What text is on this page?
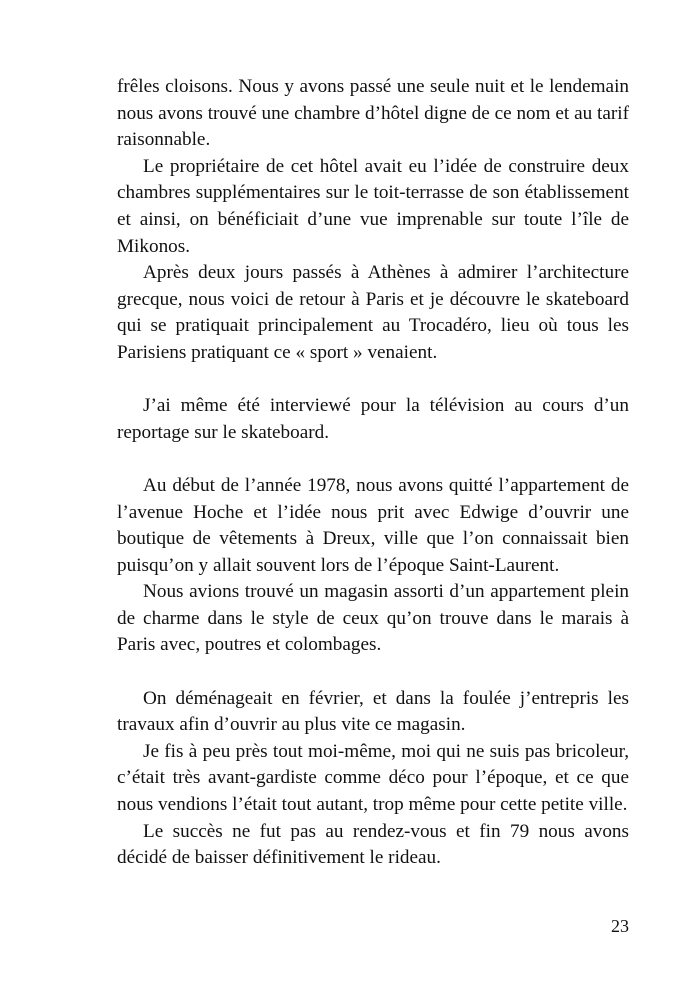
frêles cloisons. Nous y avons passé une seule nuit et le lendemain nous avons trouvé une chambre d’hôtel digne de ce nom et au tarif raisonnable.

Le propriétaire de cet hôtel avait eu l’idée de construire deux chambres supplémentaires sur le toit-terrasse de son établissement et ainsi, on bénéficiait d’une vue imprenable sur toute l’île de Mikonos.

Après deux jours passés à Athènes à admirer l’architecture grecque, nous voici de retour à Paris et je découvre le skateboard qui se pratiquait principalement au Trocadéro, lieu où tous les Parisiens pratiquant ce « sport » venaient.

J’ai même été interviewé pour la télévision au cours d’un reportage sur le skateboard.

Au début de l’année 1978, nous avons quitté l’appartement de l’avenue Hoche et l’idée nous prit avec Edwige d’ouvrir une boutique de vêtements à Dreux, ville que l’on connaissait bien puisqu’on y allait souvent lors de l’époque Saint-Laurent.

Nous avions trouvé un magasin assorti d’un appartement plein de charme dans le style de ceux qu’on trouve dans le marais à Paris avec, poutres et colombages.

On déménageait en février, et dans la foulée j’entrepris les travaux afin d’ouvrir au plus vite ce magasin.

Je fis à peu près tout moi-même, moi qui ne suis pas bricoleur, c’était très avant-gardiste comme déco pour l’époque, et ce que nous vendions l’était tout autant, trop même pour cette petite ville.

Le succès ne fut pas au rendez-vous et fin 79 nous avons décidé de baisser définitivement le rideau.

23
